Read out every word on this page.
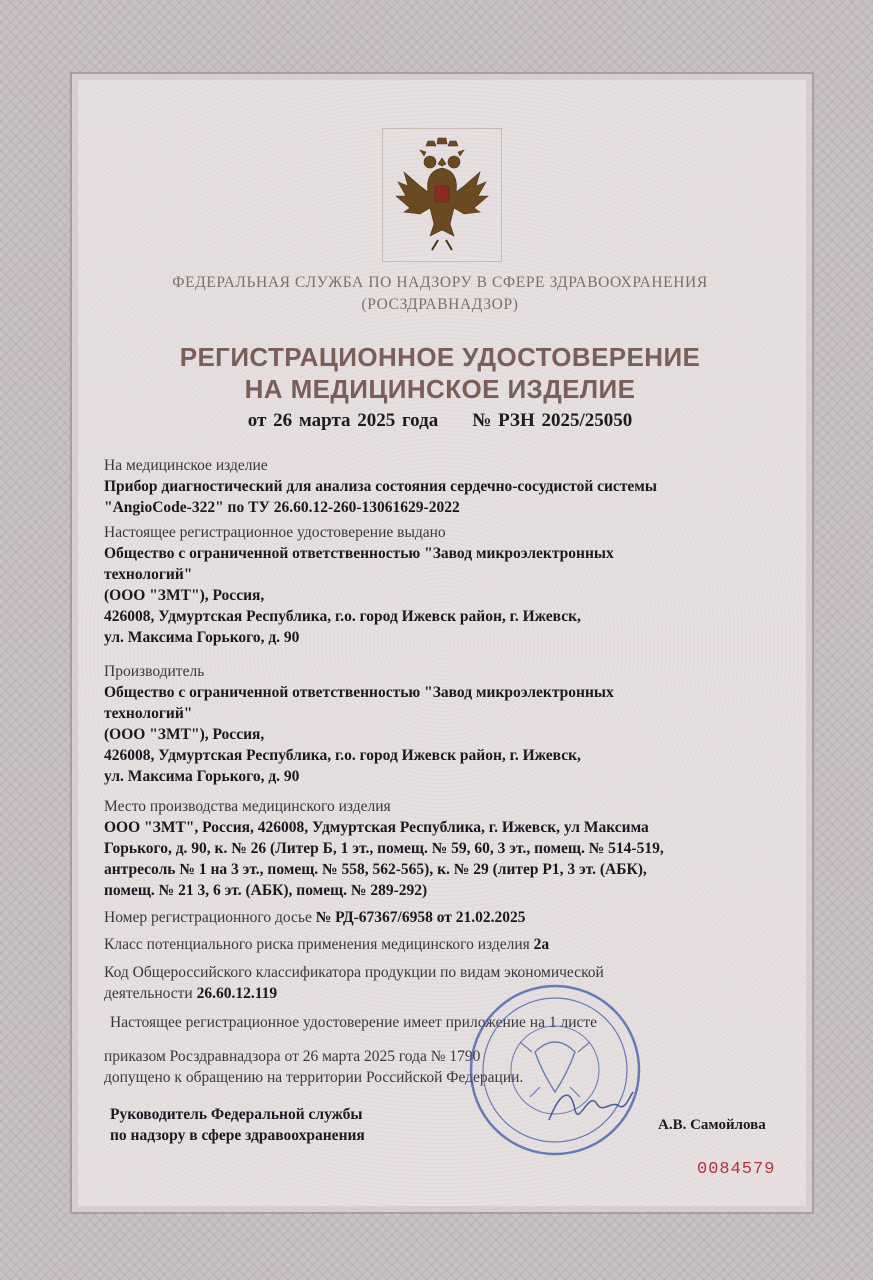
ФЕДЕРАЛЬНАЯ СЛУЖБА ПО НАДЗОРУ В СФЕРЕ ЗДРАВООХРАНЕНИЯ
(РОСЗДРАВНАДЗОР)
РЕГИСТРАЦИОННОЕ УДОСТОВЕРЕНИЕ
НА МЕДИЦИНСКОЕ ИЗДЕЛИЕ
от 26 марта 2025 года № РЗН 2025/25050
На медицинское изделие
Прибор диагностический для анализа состояния сердечно-сосудистой системы
"AngioCode-322" по ТУ 26.60.12-260-13061629-2022
Настоящее регистрационное удостоверение выдано
Общество с ограниченной ответственностью "Завод микроэлектронных
технологий"
(ООО "ЗМТ"), Россия,
426008, Удмуртская Республика, г.о. город Ижевск район, г. Ижевск,
ул. Максима Горького, д. 90
Производитель
Общество с ограниченной ответственностью "Завод микроэлектронных
технологий"
(ООО "ЗМТ"), Россия,
426008, Удмуртская Республика, г.о. город Ижевск район, г. Ижевск,
ул. Максима Горького, д. 90
Место производства медицинского изделия
ООО "ЗМТ", Россия, 426008, Удмуртская Республика, г. Ижевск, ул Максима
Горького, д. 90, к. № 26 (Литер Б, 1 эт., помещ. № 59, 60, 3 эт., помещ. № 514-519,
антресоль № 1 на 3 эт., помещ. № 558, 562-565), к. № 29 (литер Р1, 3 эт. (АБК),
помещ. № 21 3, 6 эт. (АБК), помещ. № 289-292)
Номер регистрационного досье № РД-67367/6958 от 21.02.2025
Класс потенциального риска применения медицинского изделия 2а
Код Общероссийского классификатора продукции по видам экономической
деятельности 26.60.12.119
Настоящее регистрационное удостоверение имеет приложение на 1 листе
приказом Росздравнадзора от 26 марта 2025 года № 1790
допущено к обращению на территории Российской Федерации.
Руководитель Федеральной службы
по надзору в сфере здравоохранения
А.В. Самойлова
0084579
